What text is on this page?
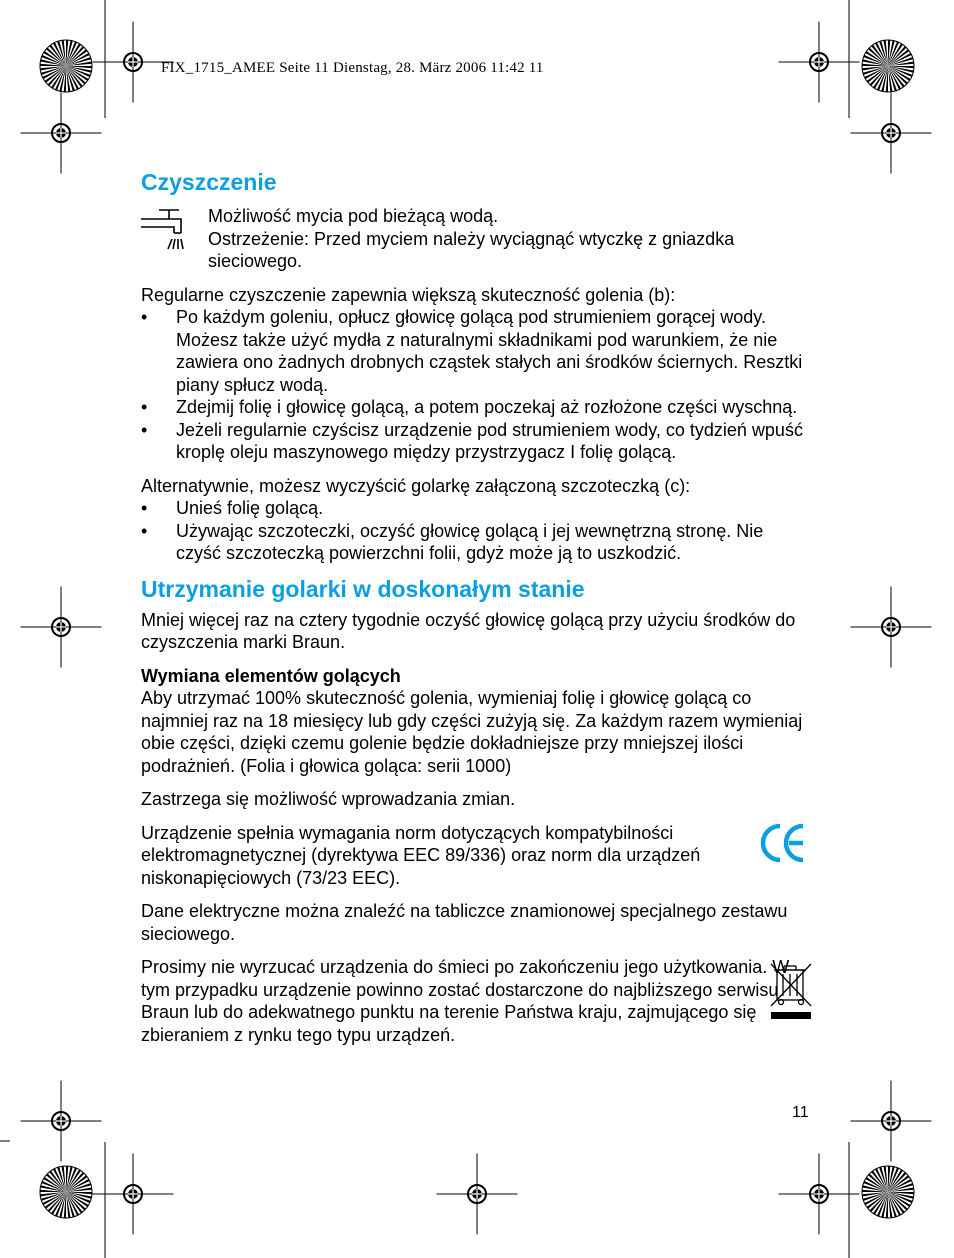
FIX_1715_AMEE Seite 11 Dienstag, 28. März 2006 11:42 11
Czyszczenie

Możliwość mycia pod bieżącą wodą.

Ostrzeżenie: Przed myciem należy wyciągnąć wtyczkę z gniazdka sieciowego.

Regularne czyszczenie zapewnia większą skuteczność golenia (b):

• Po każdym goleniu, opłucz głowicę golącą pod strumieniem gorącej wody. Możesz także użyć mydła z naturalnymi składnikami pod warunkiem, że nie zawiera ono żadnych drobnych cząstek stałych ani środków ściernych. Resztki piany spłucz wodą.
• Zdejmij folię i głowicę golącą, a potem poczekaj aż rozłożone części wyschną.
• Jeżeli regularnie czyścisz urządzenie pod strumieniem wody, co tydzień wpuść kroplę oleju maszynowego między przystrzygacz I folię golącą.

Alternatywnie, możesz wyczyścić golarkę załączoną szczoteczką (c):

• Unieś folię golącą.
• Używając szczoteczki, oczyść głowicę golącą i jej wewnętrzną stronę. Nie czyść szczoteczką powierzchni folii, gdyż może ją to uszkodzić.
Utrzymanie golarki w doskonałym stanie

Mniej więcej raz na cztery tygodnie oczyść głowicę golącą przy użyciu środków do czyszczenia marki Braun.

Wymiana elementów golących

Aby utrzymać 100% skuteczność golenia, wymieniaj folię i głowicę golącą co najmniej raz na 18 miesięcy lub gdy części zużyją się. Za każdym razem wymieniaj obie części, dzięki czemu golenie będzie dokładniejsze przy mniejszej ilości podrażnień. (Folia i głowica goląca: serii 1000)

Zastrzega się możliwość wprowadzania zmian.

Urządzenie spełnia wymagania norm dotyczących kompatybilności elektromagnetycznej (dyrektywa EEC 89/336) oraz norm dla urządzeń niskonapięciowych (73/23 EEC).

Dane elektryczne można znaleźć na tabliczce znamionowej specjalnego zestawu sieciowego.

Prosimy nie wyrzucać urządzenia do śmieci po zakończeniu jego użytkowania. W tym przypadku urządzenie powinno zostać dostarczone do najbliższego serwisu Braun lub do adekwatnego punktu na terenie Państwa kraju, zajmującego się zbieraniem z rynku tego typu urządzeń.

11
